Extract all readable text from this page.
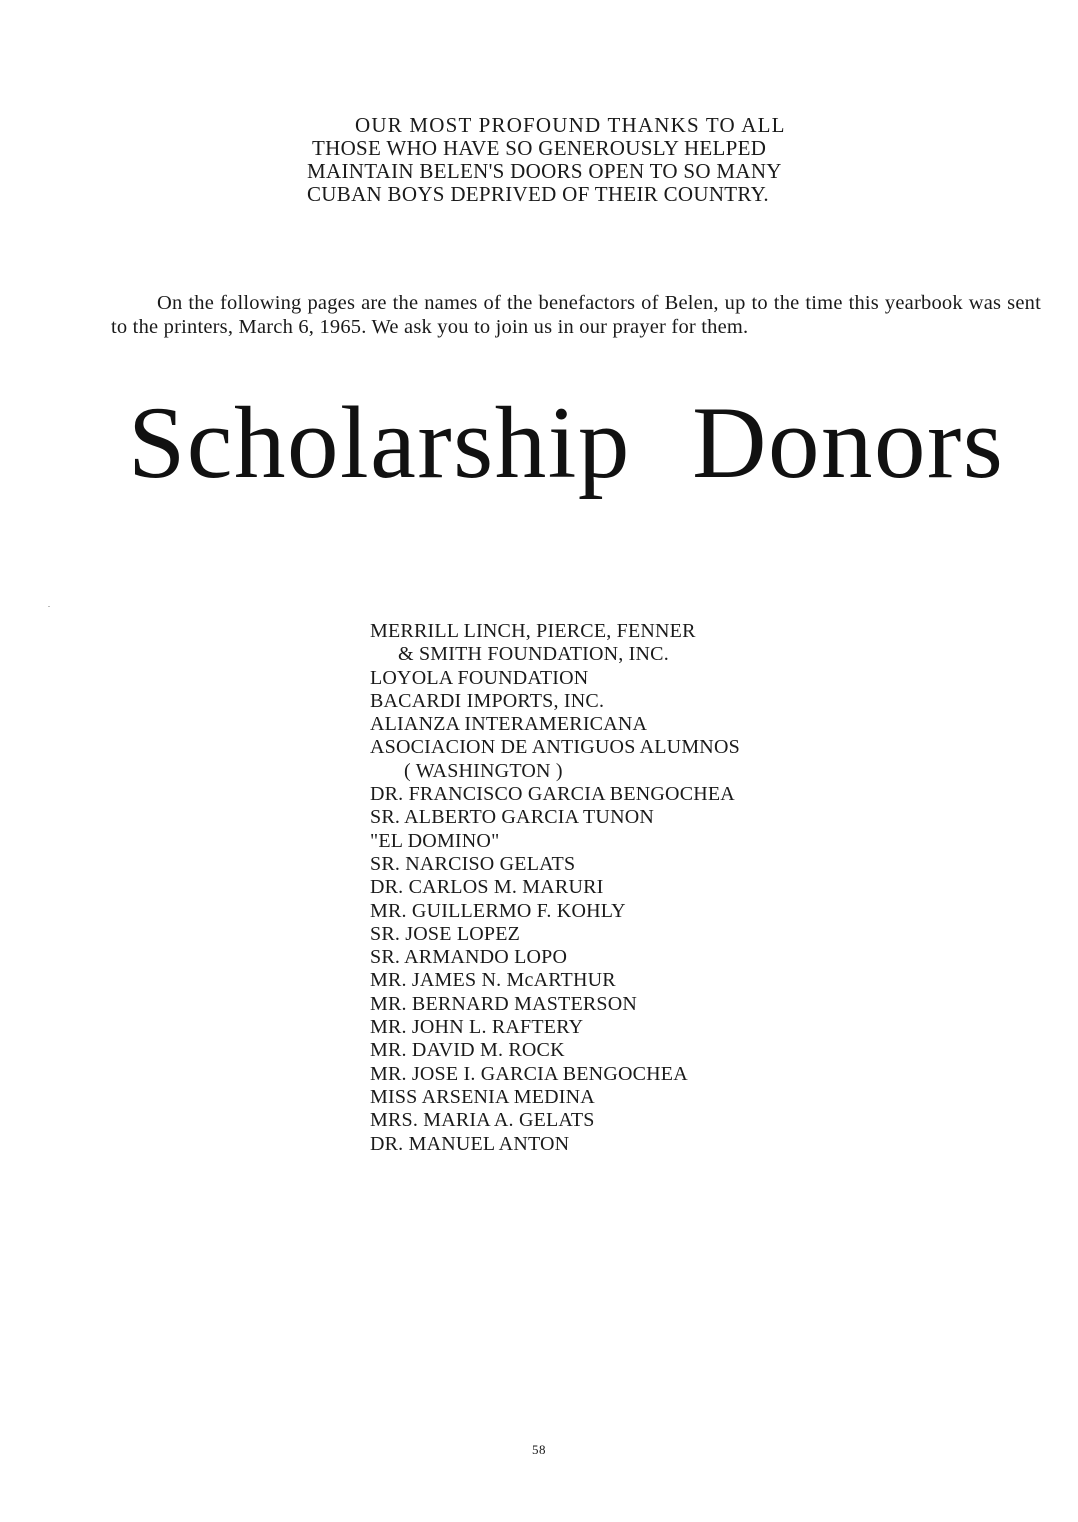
OUR MOST PROFOUND THANKS TO ALL
THOSE WHO HAVE SO GENEROUSLY HELPED
MAINTAIN BELEN'S DOORS OPEN TO SO MANY
CUBAN BOYS DEPRIVED OF THEIR COUNTRY.

On the following pages are the names of the benefactors of Belen, up to the time this yearbook was sent to the printers, March 6, 1965. We ask you to join us in our prayer for them.

Scholarship Donors
MERRILL LINCH, PIERCE, FENNER
& SMITH FOUNDATION, INC.
LOYOLA FOUNDATION
BACARDI IMPORTS, INC.
ALIANZA INTERAMERICANA
ASOCIACION DE ANTIGUOS ALUMNOS
( WASHINGTON )
DR. FRANCISCO GARCIA BENGOCHEA
SR. ALBERTO GARCIA TUNON
"EL DOMINO"
SR. NARCISO GELATS
DR. CARLOS M. MARURI
MR. GUILLERMO F. KOHLY
SR. JOSE LOPEZ
SR. ARMANDO LOPO
MR. JAMES N. McARTHUR
MR. BERNARD MASTERSON
MR. JOHN L. RAFTERY
MR. DAVID M. ROCK
MR. JOSE I. GARCIA BENGOCHEA
MISS ARSENIA MEDINA
MRS. MARIA A. GELATS
DR. MANUEL ANTON
58
